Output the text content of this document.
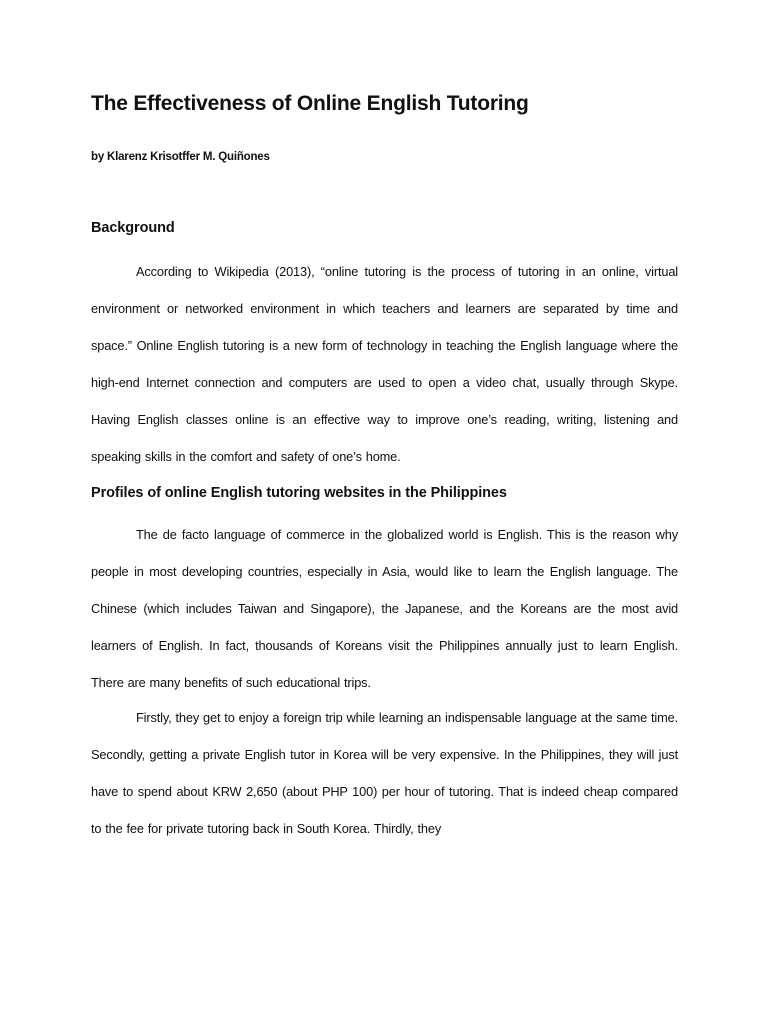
The Effectiveness of Online English Tutoring

by Klarenz Krisotffer M. Quiñones

Background

According to Wikipedia (2013), “online tutoring is the process of tutoring in an online, virtual environment or networked environment in which teachers and learners are separated by time and space.” Online English tutoring is a new form of technology in teaching the English language where the high-end Internet connection and computers are used to open a video chat, usually through Skype. Having English classes online is an effective way to improve one’s reading, writing, listening and speaking skills in the comfort and safety of one’s home.

Profiles of online English tutoring websites in the Philippines

The de facto language of commerce in the globalized world is English. This is the reason why people in most developing countries, especially in Asia, would like to learn the English language. The Chinese (which includes Taiwan and Singapore), the Japanese, and the Koreans are the most avid learners of English. In fact, thousands of Koreans visit the Philippines annually just to learn English. There are many benefits of such educational trips.

Firstly, they get to enjoy a foreign trip while learning an indispensable language at the same time. Secondly, getting a private English tutor in Korea will be very expensive. In the Philippines, they will just have to spend about KRW 2,650 (about PHP 100) per hour of tutoring. That is indeed cheap compared to the fee for private tutoring back in South Korea. Thirdly, they
